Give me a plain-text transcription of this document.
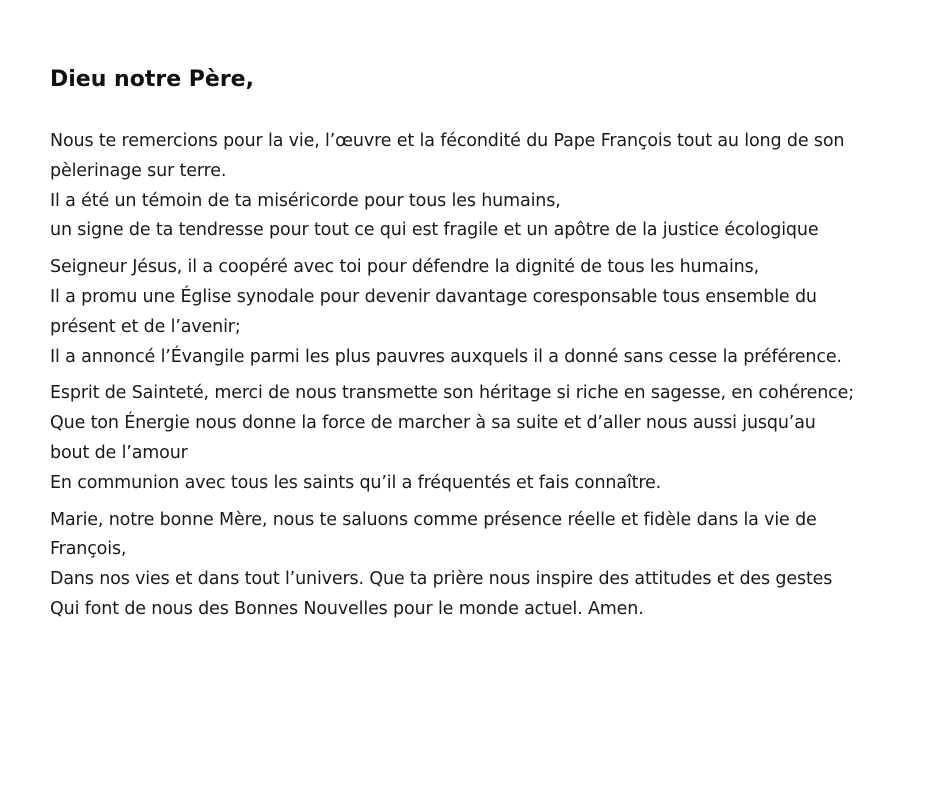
Dieu notre Père,

Nous te remercions pour la vie, l’œuvre et la fécondité du Pape François tout au long de son pèlerinage sur terre.
Il a été un témoin de ta miséricorde pour tous les humains,
un signe de ta tendresse pour tout ce qui est fragile et un apôtre de la justice écologique

Seigneur Jésus, il a coopéré avec toi pour défendre la dignité de tous les humains,
Il a promu une Église synodale pour devenir davantage coresponsable tous ensemble du présent et de l’avenir;
Il a annoncé l’Évangile parmi les plus pauvres auxquels il a donné sans cesse la préférence.

Esprit de Sainteté, merci de nous transmette son héritage si riche en sagesse, en cohérence;
Que ton Énergie nous donne la force de marcher à sa suite et d’aller nous aussi jusqu’au bout de l’amour
En communion avec tous les saints qu’il a fréquentés et fais connaître.

Marie, notre bonne Mère, nous te saluons comme présence réelle et fidèle dans la vie de François,
Dans nos vies et dans tout l’univers. Que ta prière nous inspire des attitudes et des gestes
Qui font de nous des Bonnes Nouvelles pour le monde actuel. Amen.
